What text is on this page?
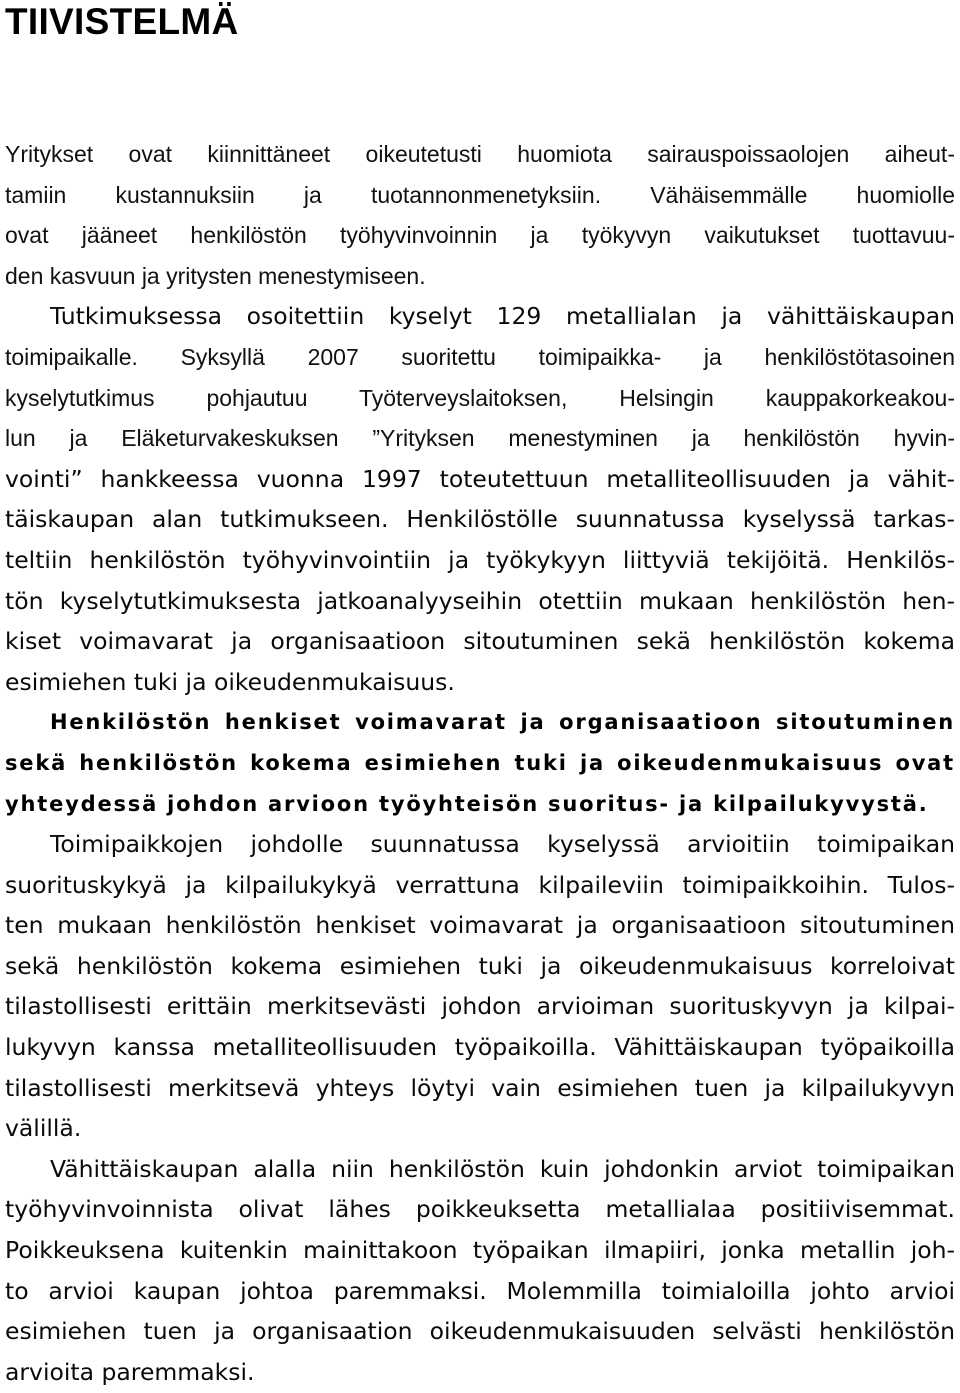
TIIVISTELMÄ
Yritykset ovat kiinnittäneet oikeutetusti huomiota sairauspoissaolojen aiheut-
tamiin kustannuksiin ja tuotannonmenetyksiin. Vähäisemmälle huomiolle
ovat jääneet henkilöstön työhyvinvoinnin ja työkyvyn vaikutukset tuottavuu-
den kasvuun ja yritysten menestymiseen.
Tutkimuksessa osoitettiin kyselyt 129 metallialan ja vähittäiskaupan
toimipaikalle. Syksyllä 2007 suoritettu toimipaikka- ja henkilöstötasoinen
kyselytutkimus pohjautuu Työterveyslaitoksen, Helsingin kauppakorkeakou-
lun ja Eläketurvakeskuksen ”Yrityksen menestyminen ja henkilöstön hyvin-
vointi” hankkeessa vuonna 1997 toteutettuun metalliteollisuuden ja vähit-
täiskaupan alan tutkimukseen. Henkilöstölle suunnatussa kyselyssä tarkas-
teltiin henkilöstön työhyvinvointiin ja työkykyyn liittyviä tekijöitä. Henkilös-
tön kyselytutkimuksesta jatkoanalyyseihin otettiin mukaan henkilöstön hen-
kiset voimavarat ja organisaatioon sitoutuminen sekä henkilöstön kokema
esimiehen tuki ja oikeudenmukaisuus.
Henkilöstön henkiset voimavarat ja organisaatioon sitoutuminen
sekä henkilöstön kokema esimiehen tuki ja oikeudenmukaisuus ovat
yhteydessä johdon arvioon työyhteisön suoritus- ja kilpailukyvystä.
Toimipaikkojen johdolle suunnatussa kyselyssä arvioitiin toimipaikan
suorituskykyä ja kilpailukykyä verrattuna kilpaileviin toimipaikkoihin. Tulos-
ten mukaan henkilöstön henkiset voimavarat ja organisaatioon sitoutuminen
sekä henkilöstön kokema esimiehen tuki ja oikeudenmukaisuus korreloivat
tilastollisesti erittäin merkitsevästi johdon arvioiman suorituskyvyn ja kilpai-
lukyvyn kanssa metalliteollisuuden työpaikoilla. Vähittäiskaupan työpaikoilla
tilastollisesti merkitsevä yhteys löytyi vain esimiehen tuen ja kilpailukyvyn
välillä.
Vähittäiskaupan alalla niin henkilöstön kuin johdonkin arviot toimipaikan
työhyvinvoinnista olivat lähes poikkeuksetta metallialaa positiivisemmat.
Poikkeuksena kuitenkin mainittakoon työpaikan ilmapiiri, jonka metallin joh-
to arvioi kaupan johtoa paremmaksi. Molemmilla toimialoilla johto arvioi
esimiehen tuen ja organisaation oikeudenmukaisuuden selvästi henkilöstön
arvioita paremmaksi.
